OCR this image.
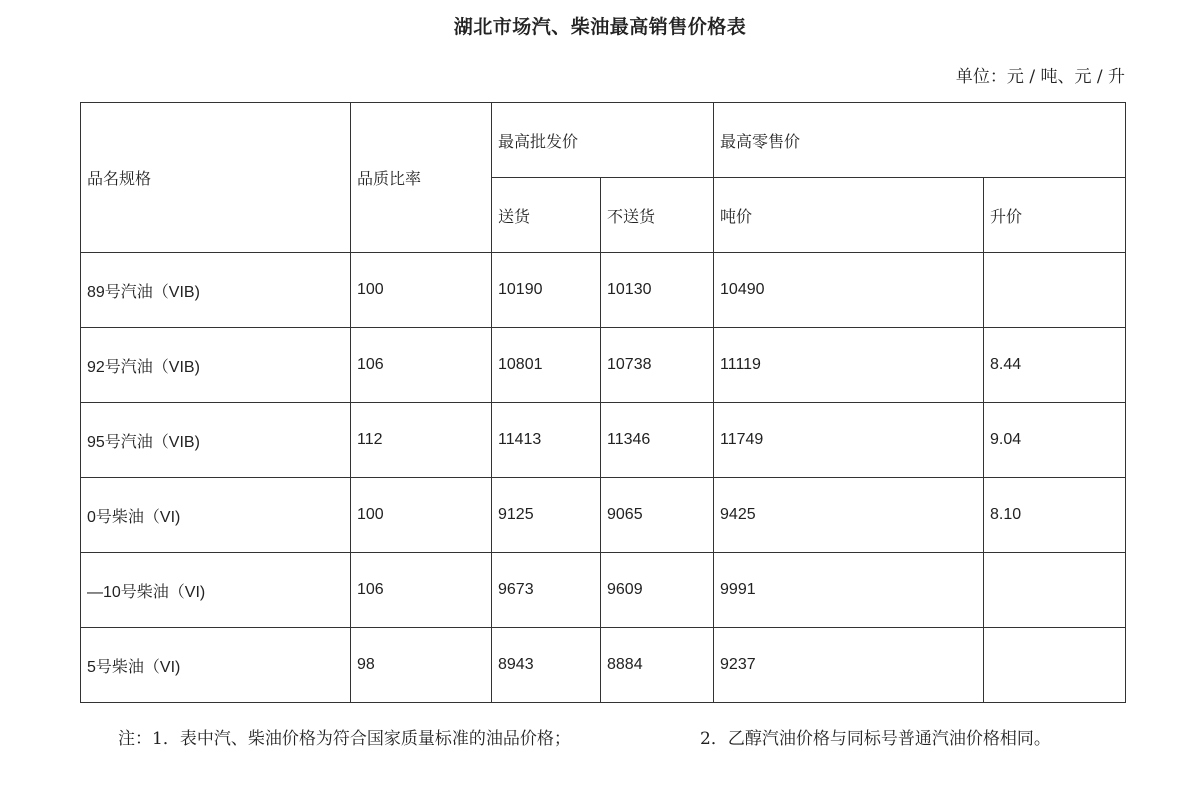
湖北市场汽、柴油最高销售价格表
单位：元 / 吨、元 / 升
品名规格	品质比率	最高批发价		最高零售价	
		送货	不送货	吨价	升价
89号汽油（VIB)	100	10190	10130	10490	
92号汽油（VIB)	106	10801	10738	11119	8.44
95号汽油（VIB)	112	11413	11346	11749	9.04
0号柴油（VI)	100	9125	9065	9425	8.10
—10号柴油（VI)	106	9673	9609	9991	
5号柴油（VI)	98	8943	8884	9237	
注：1．表中汽、柴油价格为符合国家质量标准的油品价格；	2．乙醇汽油价格与同标号普通汽油价格相同。
